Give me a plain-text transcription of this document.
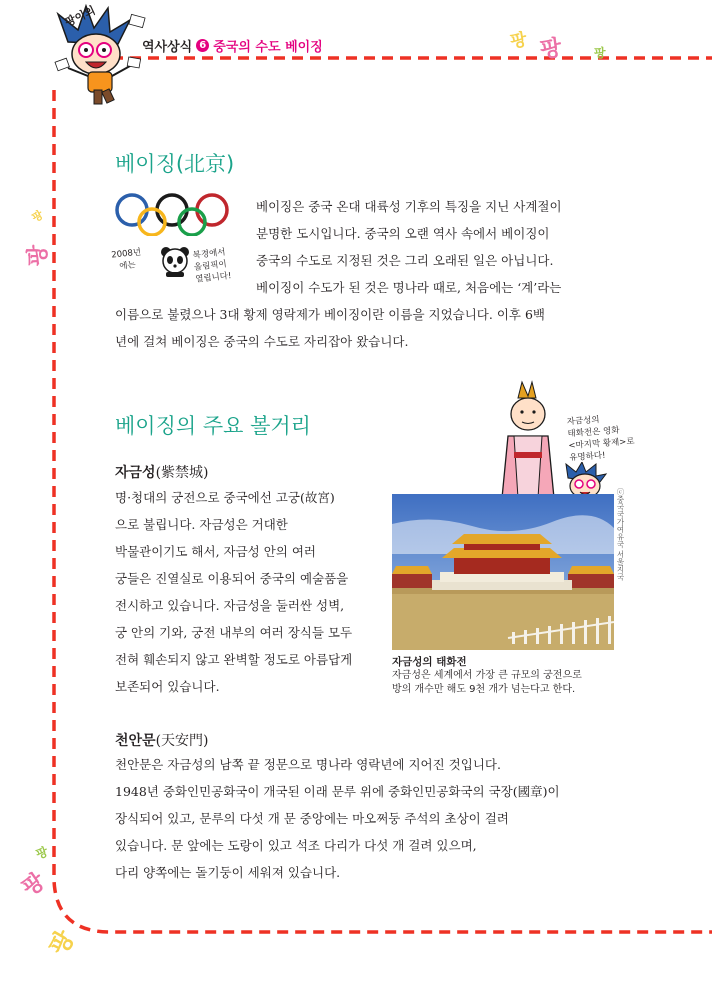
팡이의
역사상식 6 중국의 수도 베이징	팡 팡	팡
팡
팡
팡
팡
팡
베이징(北京)
2008년
에는
북경에서
올림픽이
열립니다!
베이징은 중국 온대 대륙성 기후의 특징을 지닌 사계절이
분명한 도시입니다. 중국의 오랜 역사 속에서 베이징이
중국의 수도로 지정된 것은 그리 오래된 일은 아닙니다.
베이징이 수도가 된 것은 명나라 때로, 처음에는 ‘계’라는
이름으로 불렸으나 3대 황제 영락제가 베이징이란 이름을 지었습니다. 이후 6백
년에 걸쳐 베이징은 중국의 수도로 자리잡아 왔습니다.
베이징의 주요 볼거리	자금성의
태화전은 영화
<마지막 황제>로
유명하다!
ⓒ중국국가여유국 서울지국
자금성의 태화전
자금성은 세계에서 가장 큰 규모의 궁전으로
방의 개수만 해도 9천 개가 넘는다고 한다.
자금성(紫禁城)
명·청대의 궁전으로 중국에선 고궁(故宮)
으로 불립니다. 자금성은 거대한
박물관이기도 해서, 자금성 안의 여러
궁들은 진열실로 이용되어 중국의 예술품을
전시하고 있습니다. 자금성을 둘러싼 성벽,
궁 안의 기와, 궁전 내부의 여러 장식들 모두
전혀 훼손되지 않고 완벽할 정도로 아름답게
보존되어 있습니다.
천안문(天安門)
천안문은 자금성의 남쪽 끝 정문으로 명나라 영락년에 지어진 것입니다.
1948년 중화인민공화국이 개국된 이래 문루 위에 중화인민공화국의 국장(國章)이
장식되어 있고, 문루의 다섯 개 문 중앙에는 마오쩌둥 주석의 초상이 걸려
있습니다. 문 앞에는 도랑이 있고 석조 다리가 다섯 개 걸려 있으며,
다리 양쪽에는 돌기둥이 세워져 있습니다.
